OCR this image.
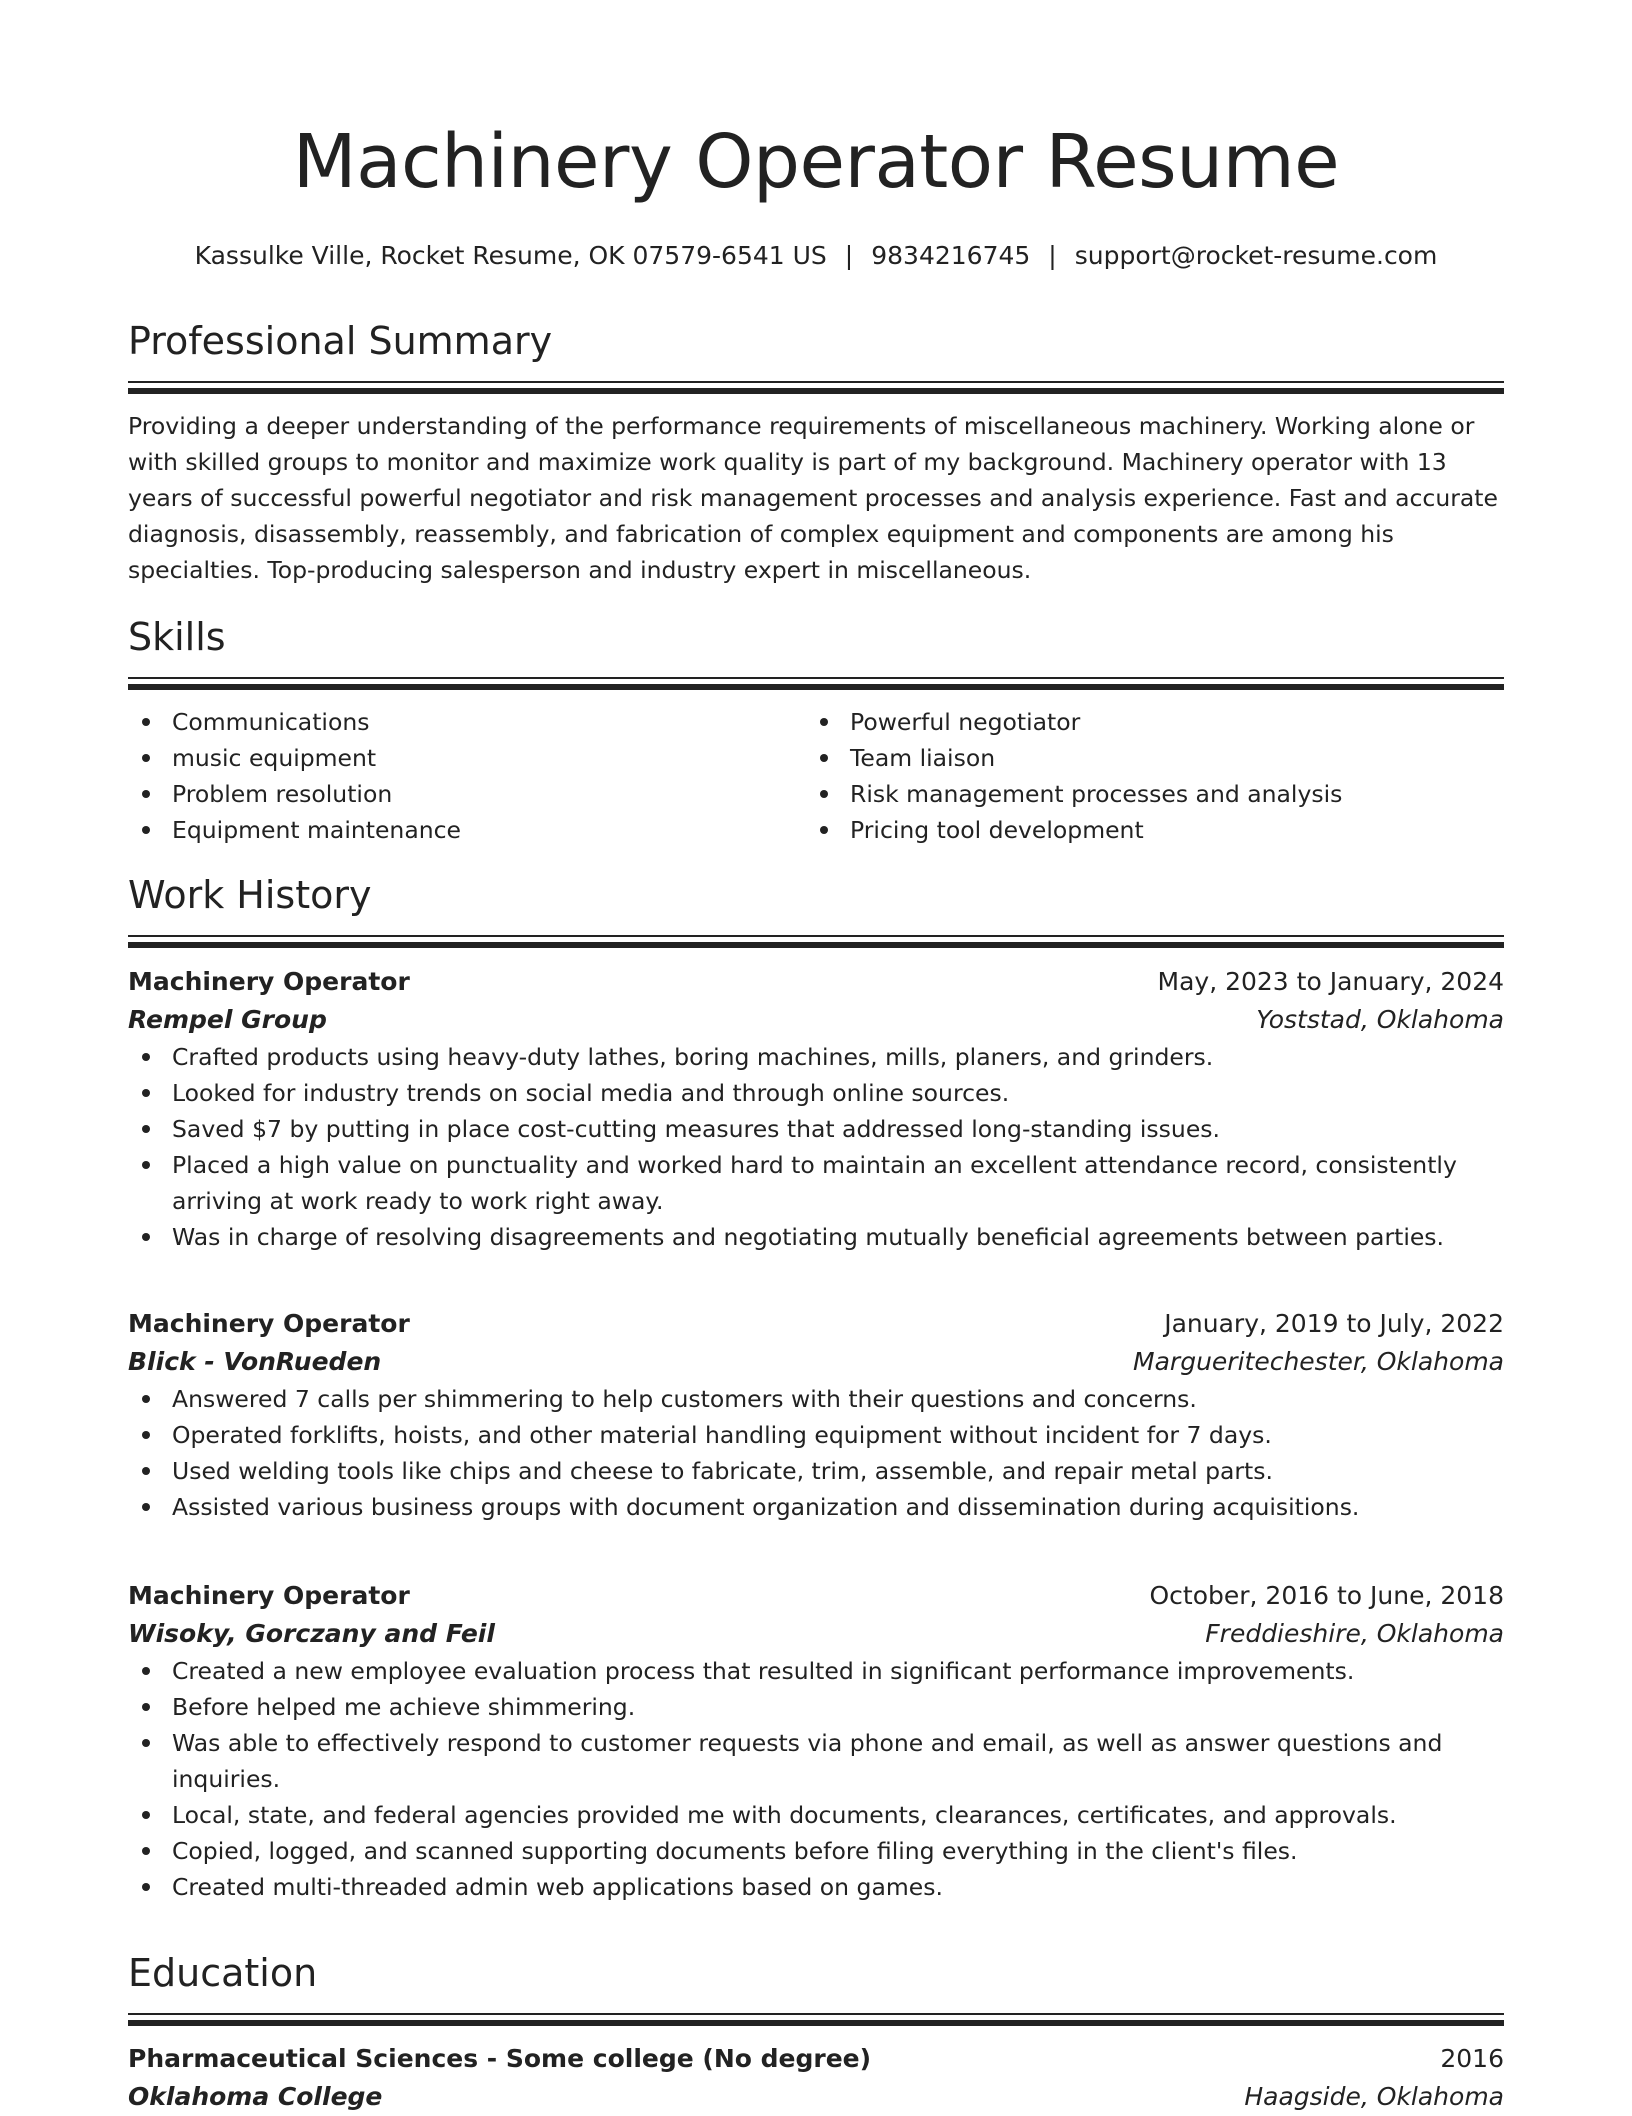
Machinery Operator Resume
Kassulke Ville, Rocket Resume, OK 07579-6541 US | 9834216745 | support@rocket-resume.com
Professional Summary

Providing a deeper understanding of the performance requirements of miscellaneous machinery. Working alone or with skilled groups to monitor and maximize work quality is part of my background. Machinery operator with 13 years of successful powerful negotiator and risk management processes and analysis experience. Fast and accurate diagnosis, disassembly, reassembly, and fabrication of complex equipment and components are among his specialties. Top-producing salesperson and industry expert in miscellaneous.

Skills
Communications
music equipment
Problem resolution
Equipment maintenance
Powerful negotiator
Team liaison
Risk management processes and analysis
Pricing tool development
Work History
Machinery Operator	May, 2023 to January, 2024
Rempel Group	Yoststad, Oklahoma
Crafted products using heavy-duty lathes, boring machines, mills, planers, and grinders.
Looked for industry trends on social media and through online sources.
Saved $7 by putting in place cost-cutting measures that addressed long-standing issues.
Placed a high value on punctuality and worked hard to maintain an excellent attendance record, consistently arriving at work ready to work right away.
Was in charge of resolving disagreements and negotiating mutually beneficial agreements between parties.
Machinery Operator	January, 2019 to July, 2022
Blick - VonRueden	Margueritechester, Oklahoma
Answered 7 calls per shimmering to help customers with their questions and concerns.
Operated forklifts, hoists, and other material handling equipment without incident for 7 days.
Used welding tools like chips and cheese to fabricate, trim, assemble, and repair metal parts.
Assisted various business groups with document organization and dissemination during acquisitions.
Machinery Operator	October, 2016 to June, 2018
Wisoky, Gorczany and Feil	Freddieshire, Oklahoma
Created a new employee evaluation process that resulted in significant performance improvements.
Before helped me achieve shimmering.
Was able to effectively respond to customer requests via phone and email, as well as answer questions and inquiries.
Local, state, and federal agencies provided me with documents, clearances, certificates, and approvals.
Copied, logged, and scanned supporting documents before filing everything in the client's files.
Created multi-threaded admin web applications based on games.
Education
Pharmaceutical Sciences - Some college (No degree)	2016
Oklahoma College	Haagside, Oklahoma
